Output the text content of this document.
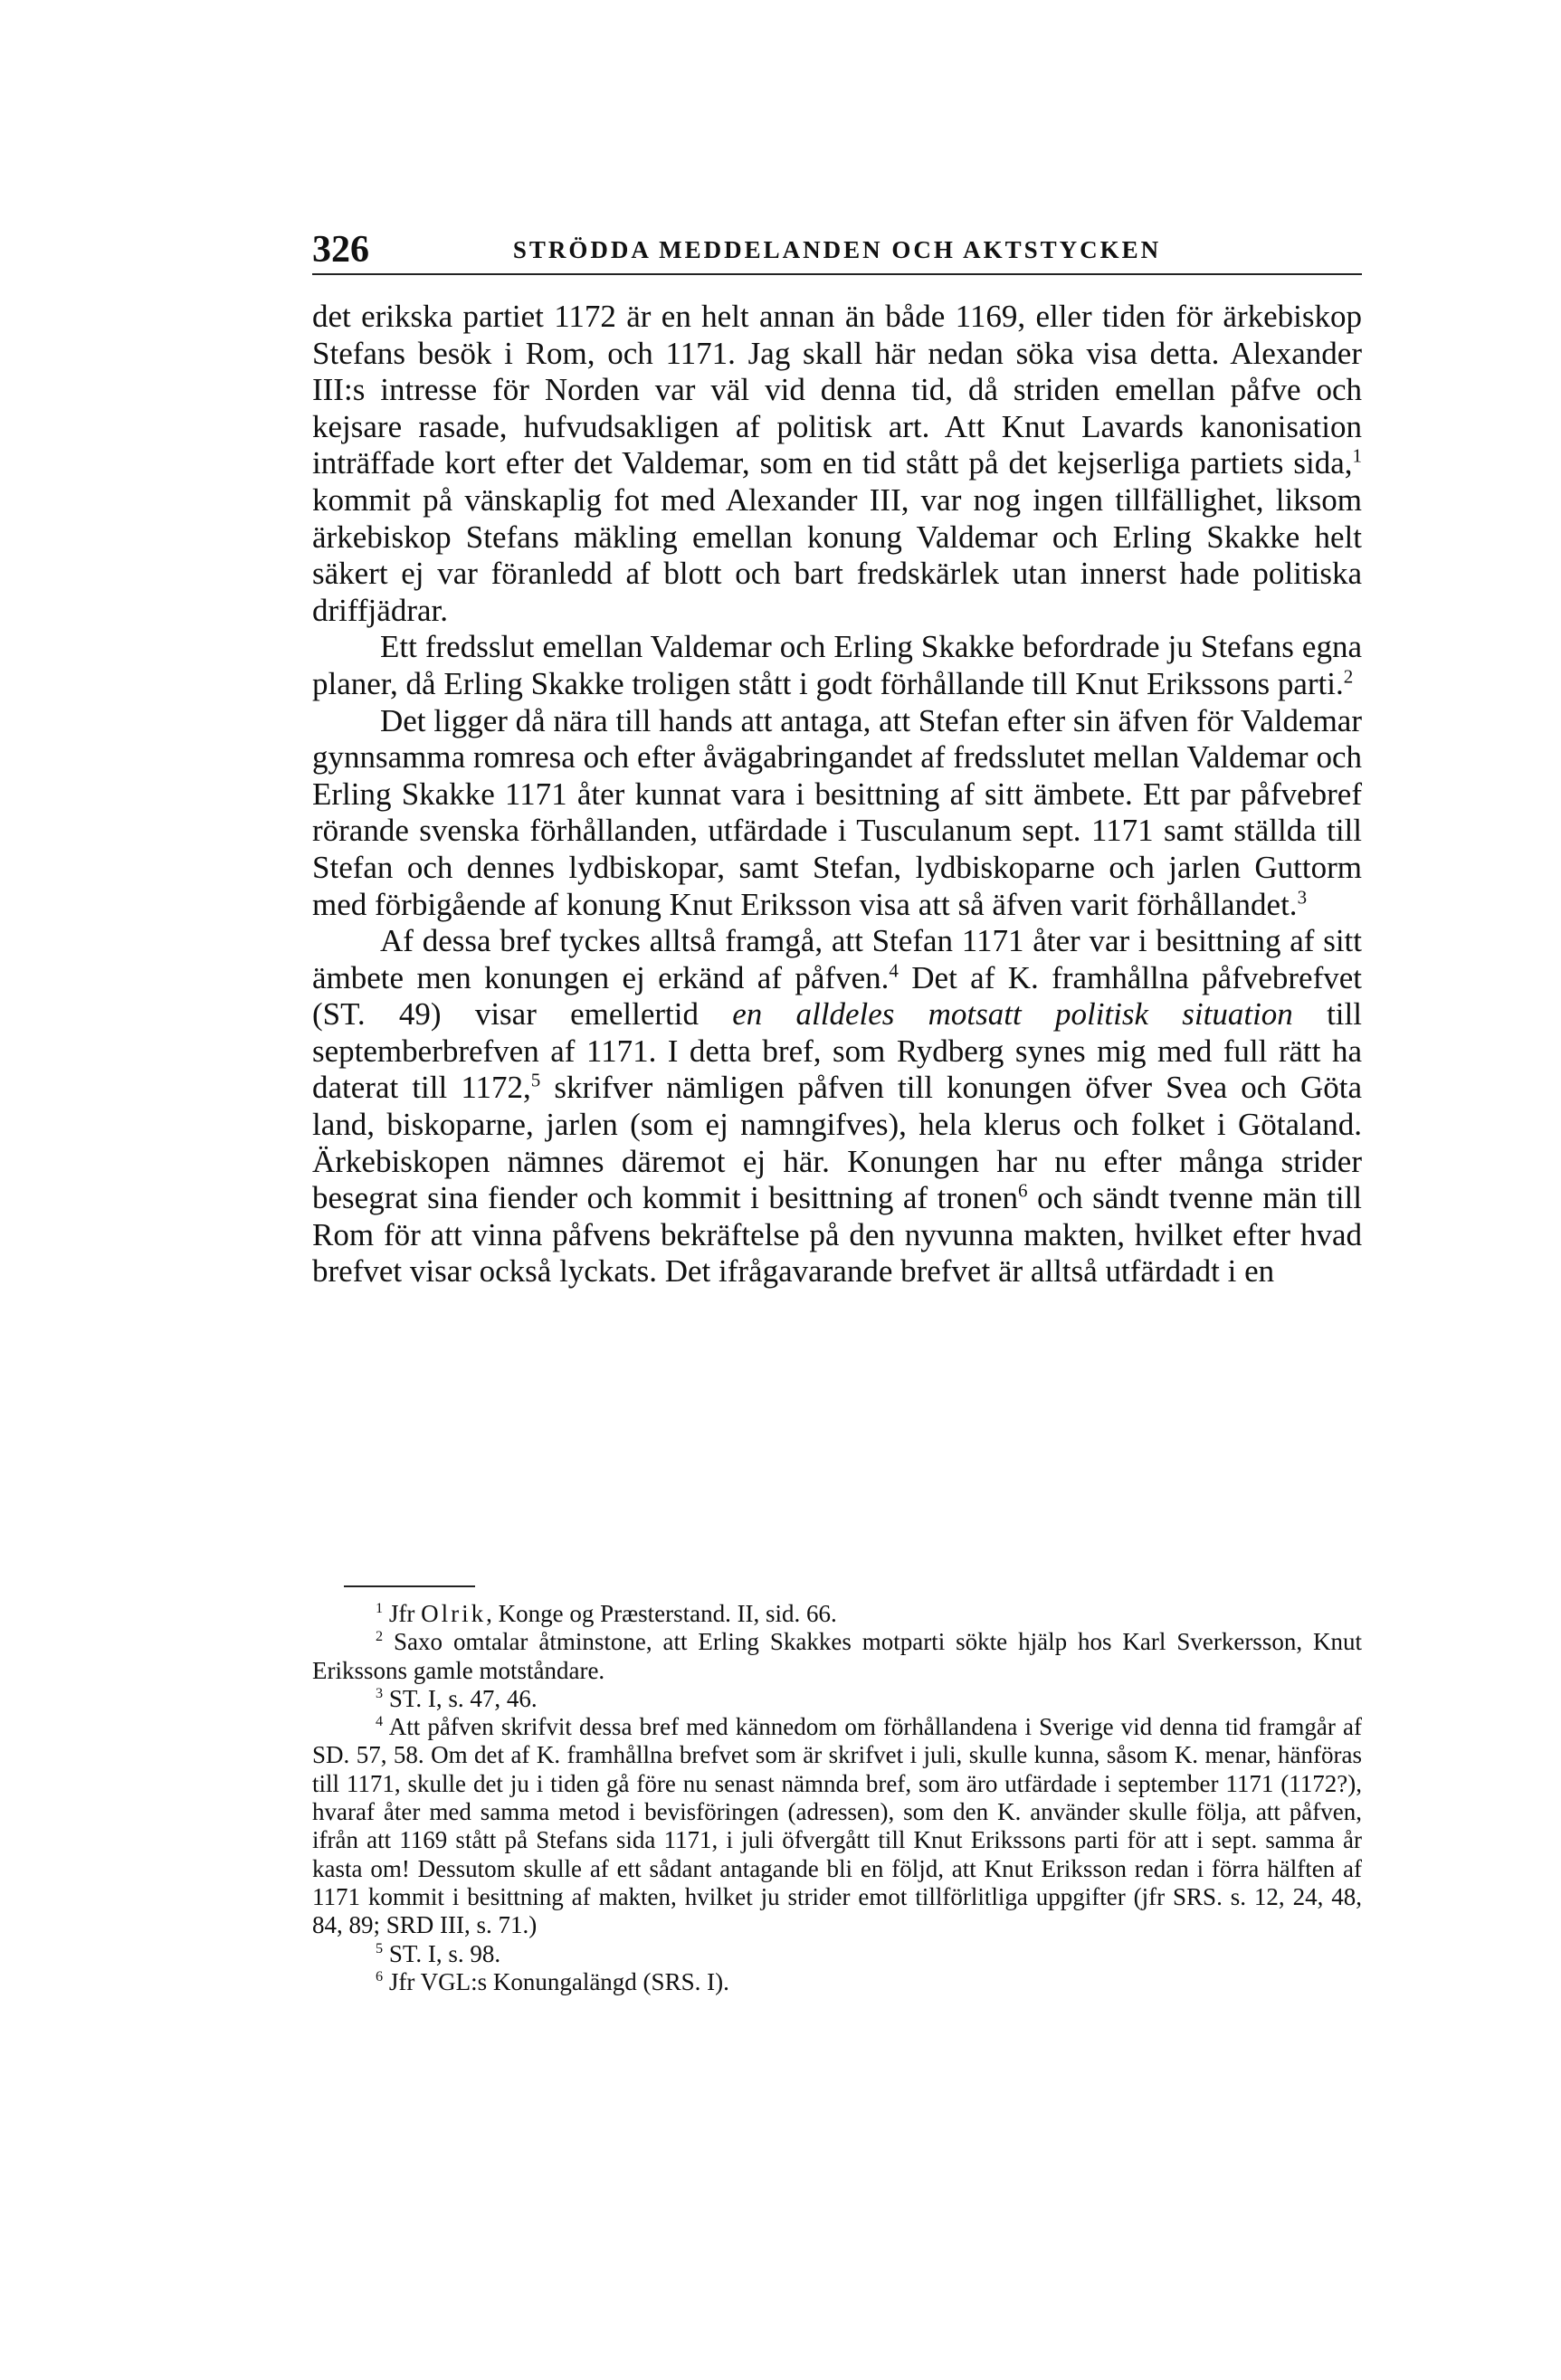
326	STRÖDDA MEDDELANDEN OCH AKTSTYCKEN

det erikska partiet 1172 är en helt annan än både 1169, eller tiden för ärkebiskop Stefans besök i Rom, och 1171. Jag skall här nedan söka visa detta. Alexander III:s intresse för Norden var väl vid denna tid, då striden emellan påfve och kejsare rasade, hufvudsakligen af politisk art. Att Knut Lavards kanonisation inträffade kort efter det Valdemar, som en tid stått på det kejserliga partiets sida,$^1$ kommit på vänskaplig fot med Alexander III, var nog ingen tillfällighet, liksom ärkebiskop Stefans mäkling emellan konung Valdemar och Erling Skakke helt säkert ej var föranledd af blott och bart fredskärlek utan innerst hade politiska driffjädrar.

Ett fredsslut emellan Valdemar och Erling Skakke befordrade ju Stefans egna planer, då Erling Skakke troligen stått i godt förhållande till Knut Erikssons parti.$^2$

Det ligger då nära till hands att antaga, att Stefan efter sin äfven för Valdemar gynnsamma romresa och efter åvägabringandet af fredsslutet mellan Valdemar och Erling Skakke 1171 åter kunnat vara i besittning af sitt ämbete. Ett par påfvebref rörande svenska förhållanden, utfärdade i Tusculanum sept. 1171 samt ställda till Stefan och dennes lydbiskopar, samt Stefan, lydbiskoparne och jarlen Guttorm med förbigående af konung Knut Eriksson visa att så äfven varit förhållandet.$^3$

Af dessa bref tyckes alltså framgå, att Stefan 1171 åter var i besittning af sitt ämbete men konungen ej erkänd af påfven.$^4$ Det af K. framhållna påfvebrefvet (ST. 49) visar emellertid en alldeles motsatt politisk situation till septemberbrefven af 1171. I detta bref, som Rydberg synes mig med full rätt ha daterat till 1172,$^5$ skrifver nämligen påfven till konungen öfver Svea och Göta land, biskoparne, jarlen (som ej namngifves), hela klerus och folket i Götaland. Ärkebiskopen nämnes däremot ej här. Konungen har nu efter många strider besegrat sina fiender och kommit i besittning af tronen$^6$ och sändt tvenne män till Rom för att vinna påfvens bekräftelse på den nyvunna makten, hvilket efter hvad brefvet visar också lyckats. Det ifrågavarande brefvet är alltså utfärdadt i en

$^1$ Jfr Olrik, Konge og Præsterstand. II, sid. 66.

$^2$ Saxo omtalar åtminstone, att Erling Skakkes motparti sökte hjälp hos Karl Sverkersson, Knut Erikssons gamle motståndare.

$^3$ ST. I, s. 47, 46.

$^4$ Att påfven skrifvit dessa bref med kännedom om förhållandena i Sverige vid denna tid framgår af SD. 57, 58. Om det af K. framhållna brefvet som är skrifvet i juli, skulle kunna, såsom K. menar, hänföras till 1171, skulle det ju i tiden gå före nu senast nämnda bref, som äro utfärdade i september 1171 (1172?), hvaraf åter med samma metod i bevisföringen (adressen), som den K. använder skulle följa, att påfven, ifrån att 1169 stått på Stefans sida 1171, i juli öfvergått till Knut Erikssons parti för att i sept. samma år kasta om! Dessutom skulle af ett sådant antagande bli en följd, att Knut Eriksson redan i förra hälften af 1171 kommit i besittning af makten, hvilket ju strider emot tillförlitliga uppgifter (jfr SRS. s. 12, 24, 48, 84, 89; SRD III, s. 71.)

$^5$ ST. I, s. 98.

$^6$ Jfr VGL:s Konungalängd (SRS. I).
